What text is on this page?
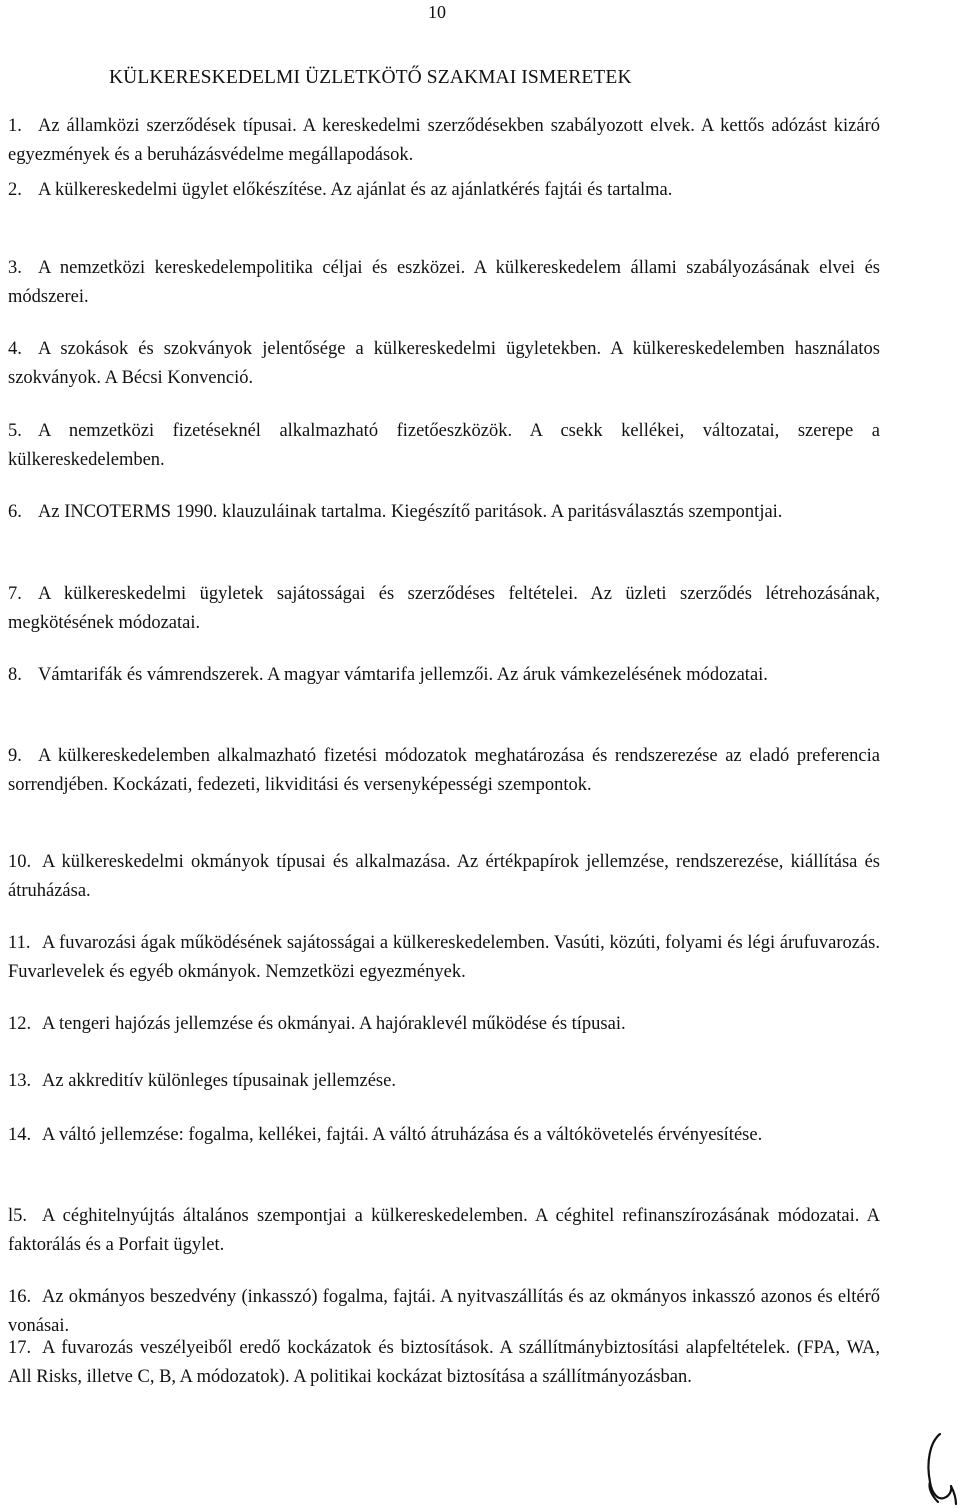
10
KÜLKERESKEDELMI ÜZLETKÖTŐ SZAKMAI ISMERETEK
1. Az államközi szerződések típusai. A kereskedelmi szerződésekben szabályozott elvek. A kettős adózást kizáró egyezmények és a beruházásvédelme megállapodások.
2. A külkereskedelmi ügylet előkészítése. Az ajánlat és az ajánlatkérés fajtái és tartalma.
3. A nemzetközi kereskedelempolitika céljai és eszközei. A külkereskedelem állami szabályozásának elvei és módszerei.
4. A szokások és szokványok jelentősége a külkereskedelmi ügyletekben. A külkereskedelemben használatos szokványok. A Bécsi Konvenció.
5. A nemzetközi fizetéseknél alkalmazható fizetőeszközök. A csekk kellékei, változatai, szerepe a külkereskedelemben.
6. Az INCOTERMS 1990. klauzuláinak tartalma. Kiegészítő paritások. A paritásválasztás szempontjai.
7. A külkereskedelmi ügyletek sajátosságai és szerződéses feltételei. Az üzleti szerződés létrehozásának, megkötésének módozatai.
8. Vámtarifák és vámrendszerek. A magyar vámtarifa jellemzői. Az áruk vámkezelésének módozatai.
9. A külkereskedelemben alkalmazható fizetési módozatok meghatározása és rendszerezése az eladó preferencia sorrendjében. Kockázati, fedezeti, likviditási és versenyképességi szempontok.
10. A külkereskedelmi okmányok típusai és alkalmazása. Az értékpapírok jellemzése, rendszerezése, kiállítása és átruházása.
11. A fuvarozási ágak működésének sajátosságai a külkereskedelemben. Vasúti, közúti, folyami és légi árufuvarozás. Fuvarlevelek és egyéb okmányok. Nemzetközi egyezmények.
12. A tengeri hajózás jellemzése és okmányai. A hajóraklevél működése és típusai.
13. Az akkreditív különleges típusainak jellemzése.
14. A váltó jellemzése: fogalma, kellékei, fajtái. A váltó átruházása és a váltókövetelés érvényesítése.
l5. A céghitelnyújtás általános szempontjai a külkereskedelemben. A céghitel refinanszírozásának módozatai. A faktorálás és a Porfait ügylet.
16. Az okmányos beszedvény (inkasszó) fogalma, fajtái. A nyitvaszállítás és az okmányos inkasszó azonos és eltérő vonásai.
17. A fuvarozás veszélyeiből eredő kockázatok és biztosítások. A szállítmánybiztosítási alapfeltételek. (FPA, WA, All Risks, illetve C, B, A módozatok). A politikai kockázat biztosítása a szállítmányozásban.
